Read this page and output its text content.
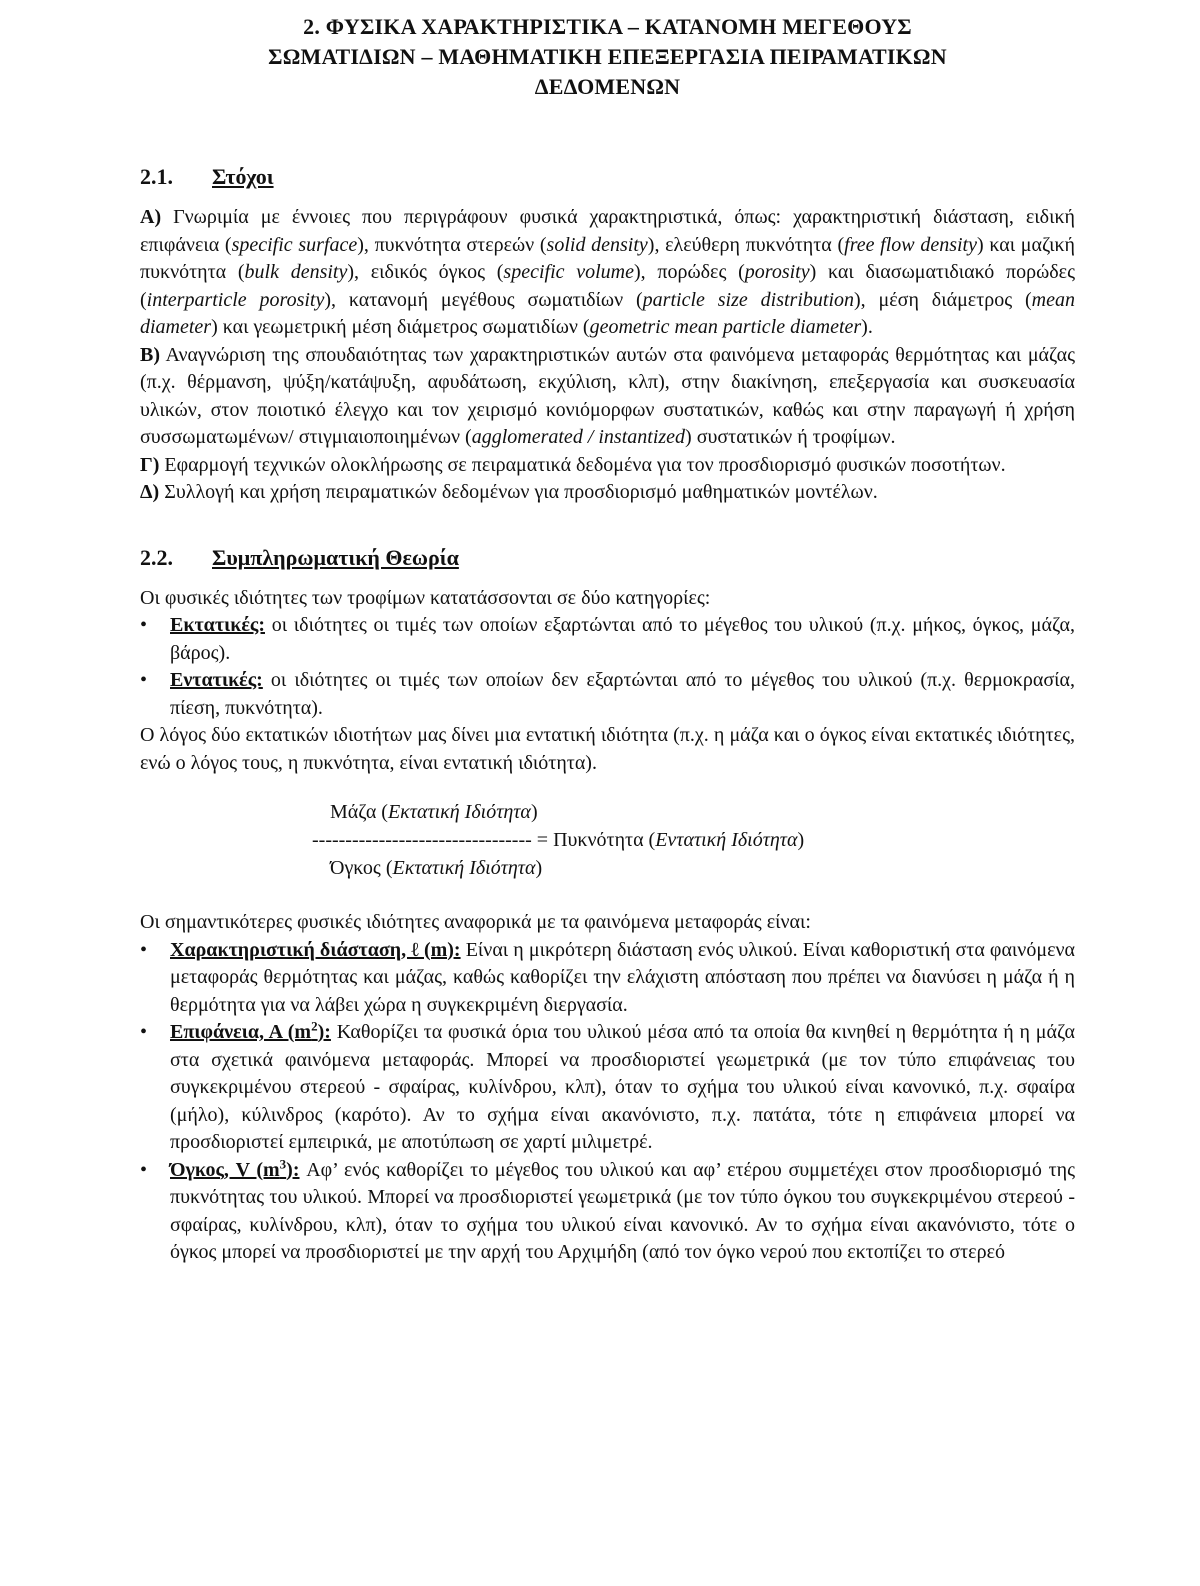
2. ΦΥΣΙΚΑ ΧΑΡΑΚΤΗΡΙΣΤΙΚΑ – ΚΑΤΑΝΟΜΗ ΜΕΓΕΘΟΥΣ
ΣΩΜΑΤΙΔΙΩΝ – ΜΑΘΗΜΑΤΙΚΗ ΕΠΕΞΕΡΓΑΣΙΑ ΠΕΙΡΑΜΑΤΙΚΩΝ
ΔΕΔΟΜΕΝΩΝ
2.1.	Στόχοι

Α) Γνωριμία με έννοιες που περιγράφουν φυσικά χαρακτηριστικά, όπως: χαρακτηριστική διάσταση, ειδική επιφάνεια (specific surface), πυκνότητα στερεών (solid density), ελεύθερη πυκνότητα (free flow density) και μαζική πυκνότητα (bulk density), ειδικός όγκος (specific volume), πορώδες (porosity) και διασωματιδιακό πορώδες (interparticle porosity), κατανομή μεγέθους σωματιδίων (particle size distribution), μέση διάμετρος (mean diameter) και γεωμετρική μέση διάμετρος σωματιδίων (geometric mean particle diameter).

Β) Αναγνώριση της σπουδαιότητας των χαρακτηριστικών αυτών στα φαινόμενα μεταφοράς θερμότητας και μάζας (π.χ. θέρμανση, ψύξη/κατάψυξη, αφυδάτωση, εκχύλιση, κλπ), στην διακίνηση, επεξεργασία και συσκευασία υλικών, στον ποιοτικό έλεγχο και τον χειρισμό κονιόμορφων συστατικών, καθώς και στην παραγωγή ή χρήση συσσωματωμένων/ στιγμιαιοποιημένων (agglomerated / instantized) συστατικών ή τροφίμων.

Γ) Εφαρμογή τεχνικών ολοκλήρωσης σε πειραματικά δεδομένα για τον προσδιορισμό φυσικών ποσοτήτων.

Δ) Συλλογή και χρήση πειραματικών δεδομένων για προσδιορισμό μαθηματικών μοντέλων.

2.2.	Συμπληρωματική Θεωρία

Οι φυσικές ιδιότητες των τροφίμων κατατάσσονται σε δύο κατηγορίες:

• Εκτατικές: οι ιδιότητες οι τιμές των οποίων εξαρτώνται από το μέγεθος του υλικού (π.χ. μήκος, όγκος, μάζα, βάρος).
• Εντατικές: οι ιδιότητες οι τιμές των οποίων δεν εξαρτώνται από το μέγεθος του υλικού (π.χ. θερμοκρασία, πίεση, πυκνότητα).

Ο λόγος δύο εκτατικών ιδιοτήτων μας δίνει μια εντατική ιδιότητα (π.χ. η μάζα και ο όγκος είναι εκτατικές ιδιότητες, ενώ ο λόγος τους, η πυκνότητα, είναι εντατική ιδιότητα).

Μάζα (Εκτατική Ιδιότητα)
--------------------------------- = Πυκνότητα (Εντατική Ιδιότητα)
Όγκος (Εκτατική Ιδιότητα)

Οι σημαντικότερες φυσικές ιδιότητες αναφορικά με τα φαινόμενα μεταφοράς είναι:

• Χαρακτηριστική διάσταση, ℓ (m): Είναι η μικρότερη διάσταση ενός υλικού. Είναι καθοριστική στα φαινόμενα μεταφοράς θερμότητας και μάζας, καθώς καθορίζει την ελάχιστη απόσταση που πρέπει να διανύσει η μάζα ή η θερμότητα για να λάβει χώρα η συγκεκριμένη διεργασία.
• Επιφάνεια, Α $(m^2)$: Καθορίζει τα φυσικά όρια του υλικού μέσα από τα οποία θα κινηθεί η θερμότητα ή η μάζα στα σχετικά φαινόμενα μεταφοράς. Μπορεί να προσδιοριστεί γεωμετρικά (με τον τύπο επιφάνειας του συγκεκριμένου στερεού - σφαίρας, κυλίνδρου, κλπ), όταν το σχήμα του υλικού είναι κανονικό, π.χ. σφαίρα (μήλο), κύλινδρος (καρότο). Αν το σχήμα είναι ακανόνιστο, π.χ. πατάτα, τότε η επιφάνεια μπορεί να προσδιοριστεί εμπειρικά, με αποτύπωση σε χαρτί μιλιμετρέ.
• Όγκος, V $(m^3)$: Αφ’ ενός καθορίζει το μέγεθος του υλικού και αφ’ ετέρου συμμετέχει στον προσδιορισμό της πυκνότητας του υλικού. Μπορεί να προσδιοριστεί γεωμετρικά (με τον τύπο όγκου του συγκεκριμένου στερεού - σφαίρας, κυλίνδρου, κλπ), όταν το σχήμα του υλικού είναι κανονικό. Αν το σχήμα είναι ακανόνιστο, τότε ο όγκος μπορεί να προσδιοριστεί με την αρχή του Αρχιμήδη (από τον όγκο νερού που εκτοπίζει το στερεό
